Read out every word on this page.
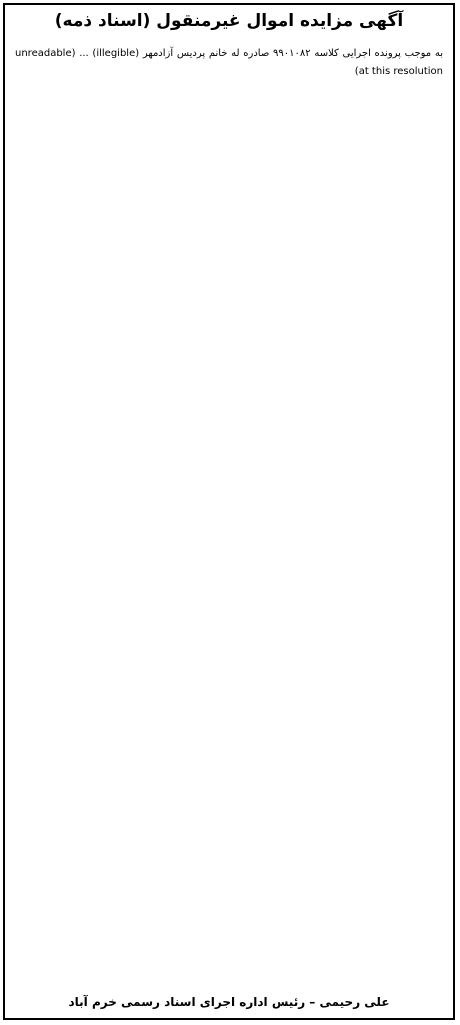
آگهی مزایده اموال غیرمنقول (اسناد ذمه)
به موجب پرونده اجرایی کلاسه ۹۹۰۱۰۸۲ صادره له خانم پردیس آزادمهر (illegible) ... (unreadable at this resolution)
علی رحیمی – رئیس اداره اجرای اسناد رسمی خرم آباد
